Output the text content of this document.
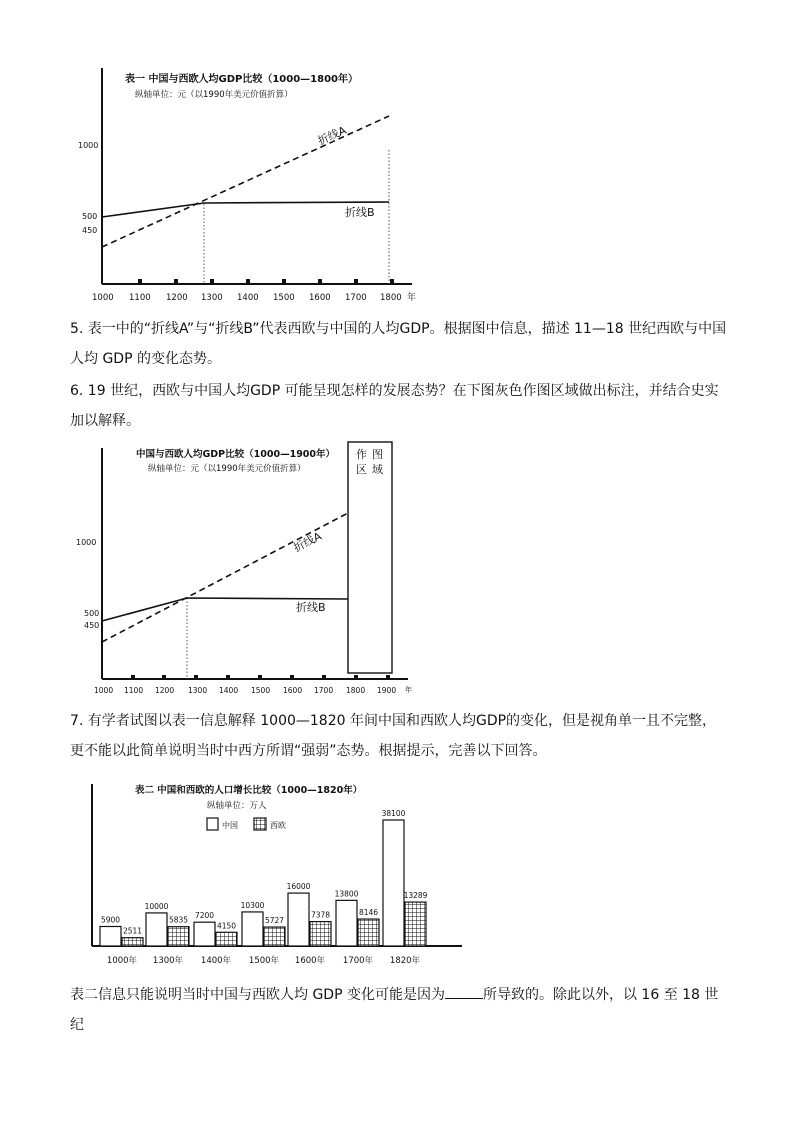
表一 中国与西欧人均GDP比较（1000—1800年）
纵轴单位：元（以1990年美元价值折算）
1000
500
450
1000 1100 1200 1300 1400 1500 1600 1700 1800 年
折线A
折线B
5. 表一中的“折线A”与“折线B”代表西欧与中国的人均GDP。根据图中信息，描述 11—18 世纪西欧与中国人均 GDP 的变化态势。
6. 19 世纪，西欧与中国人均GDP 可能呈现怎样的发展态势？在下图灰色作图区域做出标注，并结合史实加以解释。
中国与西欧人均GDP比较（1000—1900年）
纵轴单位：元（以1990年美元价值折算）
1000
500
450
1000 1100 1200 1300 1400 1500 1600 1700 1800 1900 年
作 图
区 域
折线A
折线B
7. 有学者试图以表一信息解释 1000—1820 年间中国和西欧人均GDP的变化，但是视角单一且不完整，更不能以此简单说明当时中西方所谓“强弱”态势。根据提示，完善以下回答。
表二 中国和西欧的人口增长比较（1000—1820年）
纵轴单位：万人
中国	西欧
5900
2511
1000年
10000
5835
1300年
7200
4150
1400年
10300
5727
1500年
16000
7378
1600年
13800
8146
1700年
38100
13289
1820年
表二信息只能说明当时中国与西欧人均 GDP 变化可能是因为	所导致的。除此以外，以 16 至 18 世纪
